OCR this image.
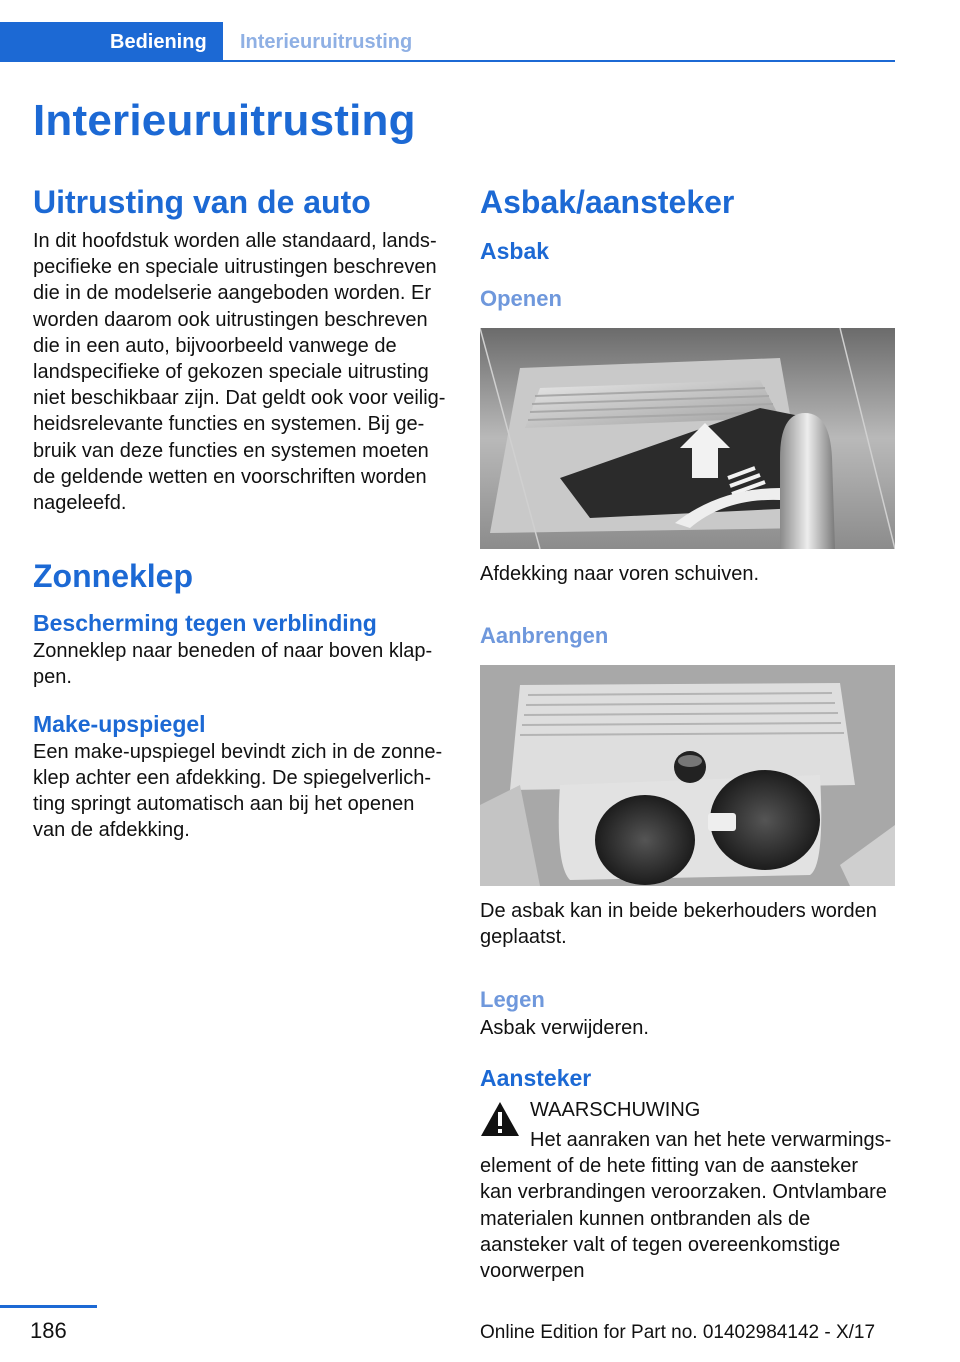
Bediening	Interieuruitrusting
Interieuruitrusting
Uitrusting van de auto

In dit hoofdstuk worden alle standaard, landspecifieke en speciale uitrustingen beschreven die in de modelserie aangeboden worden. Er worden daarom ook uitrustingen beschreven die in een auto, bijvoorbeeld vanwege de landspecifieke of gekozen speciale uitrusting niet beschikbaar zijn. Dat geldt ook voor veiligheidsrelevante functies en systemen. Bij gebruik van deze functies en systemen moeten de geldende wetten en voorschriften worden nageleefd.

Zonneklep
Bescherming tegen verblinding

Zonneklep naar beneden of naar boven klappen.

Make-upspiegel

Een make-upspiegel bevindt zich in de zonneklep achter een afdekking. De spiegelverlichting springt automatisch aan bij het openen van de afdekking.

Asbak/aansteker
Asbak
Openen

Afdekking naar voren schuiven.

Aanbrengen

De asbak kan in beide bekerhouders worden geplaatst.

Legen

Asbak verwijderen.

Aansteker
WAARSCHUWING
Het aanraken van het hete verwarmingselement of de hete fitting van de aansteker kan verbrandingen veroorzaken. Ontvlambare materialen kunnen ontbranden als de aansteker valt of tegen overeenkomstige voorwerpen
186	Online Edition for Part no. 01402984142 - X/17
